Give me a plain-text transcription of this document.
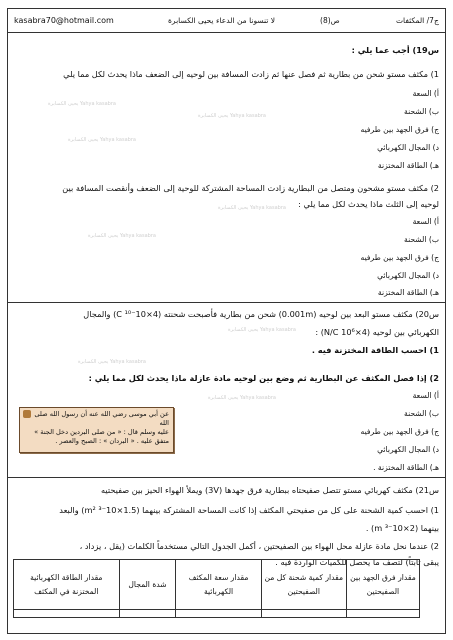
kasabra70@hotmail.com	يحيى الكسابرة لا تنسونا من الدعاء	ص(8)	ج7/ المكثفات
Yahya kasabra يحيى الكسابرة
Yahya kasabra يحيى الكسابرة
Yahya kasabra يحيى الكسابرة
Yahya kasabra يحيى الكسابرة
Yahya kasabra يحيى الكسابرة
Yahya kasabra يحيى الكسابرة
Yahya kasabra يحيى الكسابرة
Yahya kasabra يحيى الكسابرة
س19) أجب عما يلي :
1) مكثف مستو شحن من بطارية ثم فصل عنها ثم زادت المسافة بين لوحيه إلى الضعف ماذا يحدث لكل مما يلي
أ) السعة
ب) الشحنة
ج) فرق الجهد بين طرفيه
د) المجال الكهربائي
هـ) الطاقة المختزنة
2) مكثف مستو مشحون ومتصل من البطارية زادت المساحة المشتركة للوحية إلى الضعف وأنقصت المسافة بين
لوحيه إلى الثلث ماذا يحدث لكل مما يلي :
أ) السعة
ب) الشحنة
ج) فرق الجهد بين طرفيه
د) المجال الكهربائي
هـ) الطاقة المختزنة
س20) مكثف مستو البعد بين لوحيه (0.001m) شحن من بطارية فأصبحت شحنته (4×10⁻¹⁰ C) والمجال
الكهربائي بين لوحيه (4×10⁶ N/C) :
1) احسب الطاقة المختزنة فيه .
2) إذا فصل المكثف عن البطارية ثم وضع بين لوحيه مادة عازلة ماذا يحدث لكل مما يلي :
أ) السعة
ب) الشحنة
ج) فرق الجهد بين طرفيه
د) المجال الكهربائي
هـ) الطاقة المختزنة .
عن أبي موسى رضي الله عنه أن رسول الله صلى الله
عليه وسلم قال : « من صلى البردين دخل الجنة »
متفق عليه . « البردان » : الصبح والعصر .
س21) مكثف كهربائي مستو تتصل صفيحتاه ببطارية فرق جهدها (3V) ويملأ الهواء الحيز بين صفيحتيه
1) احسب كمية الشحنة على كل من صفيحتي المكثف إذا كانت المساحة المشتركة بينهما (1.5×10⁻³ m²) والبعد
بينهما (2×10⁻³ m) .
2) عندما نحل مادة عازلة محل الهواء بين الصفيحتين ، أكمل الجدول التالي مستخدماً الكلمات (يقل ، يزداد ،
يبقى ثابتاً) لتصف ما يحصل للكميات الواردة فيه .
مقدار فرق الجهد بين الصفيحتين	مقدار كمية شحنة كل من الصفيحتين	مقدار سعة المكثف الكهربائية	شدة المجال	مقدار الطاقة الكهربائية المختزنة في المكثف
